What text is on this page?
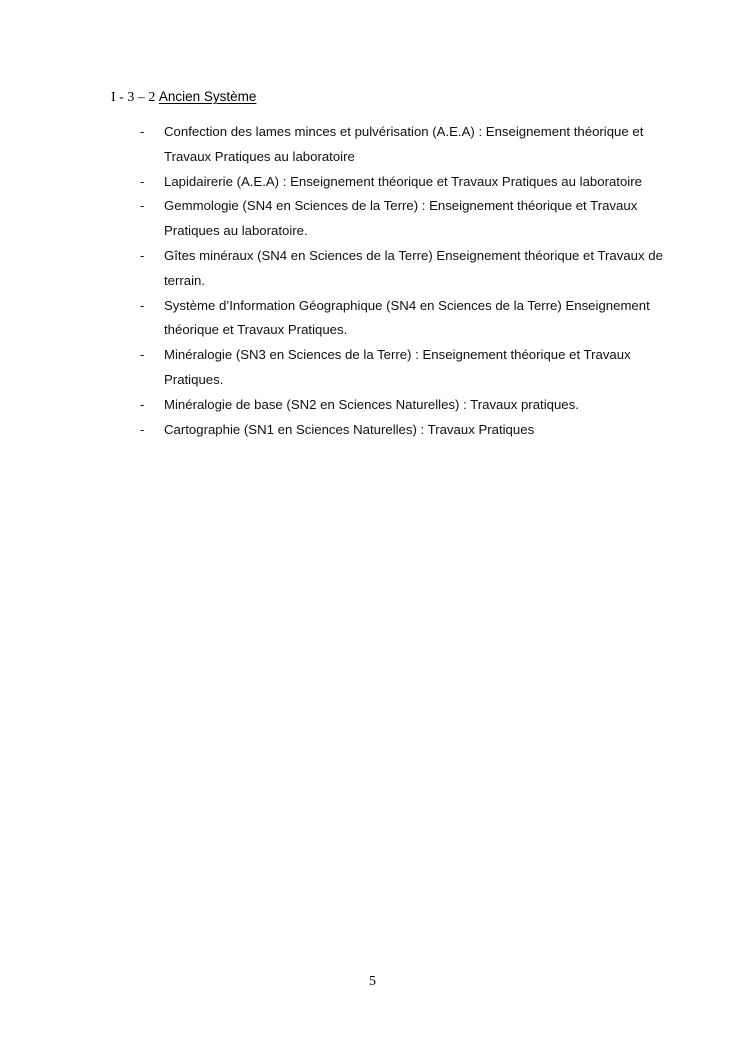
I - 3 – 2 Ancien Système
- Confection des lames minces et pulvérisation (A.E.A) : Enseignement théorique et Travaux Pratiques au laboratoire
- Lapidairerie (A.E.A) : Enseignement théorique et Travaux Pratiques au laboratoire
- Gemmologie (SN4 en Sciences de la Terre) : Enseignement théorique et Travaux Pratiques au laboratoire.
- Gîtes minéraux (SN4 en Sciences de la Terre) Enseignement théorique et Travaux de terrain.
- Système d’Information Géographique (SN4 en Sciences de la Terre) Enseignement théorique et Travaux Pratiques.
- Minéralogie (SN3 en Sciences de la Terre) : Enseignement théorique et Travaux Pratiques.
- Minéralogie de base (SN2 en Sciences Naturelles) : Travaux pratiques.
- Cartographie (SN1 en Sciences Naturelles) : Travaux Pratiques
5
